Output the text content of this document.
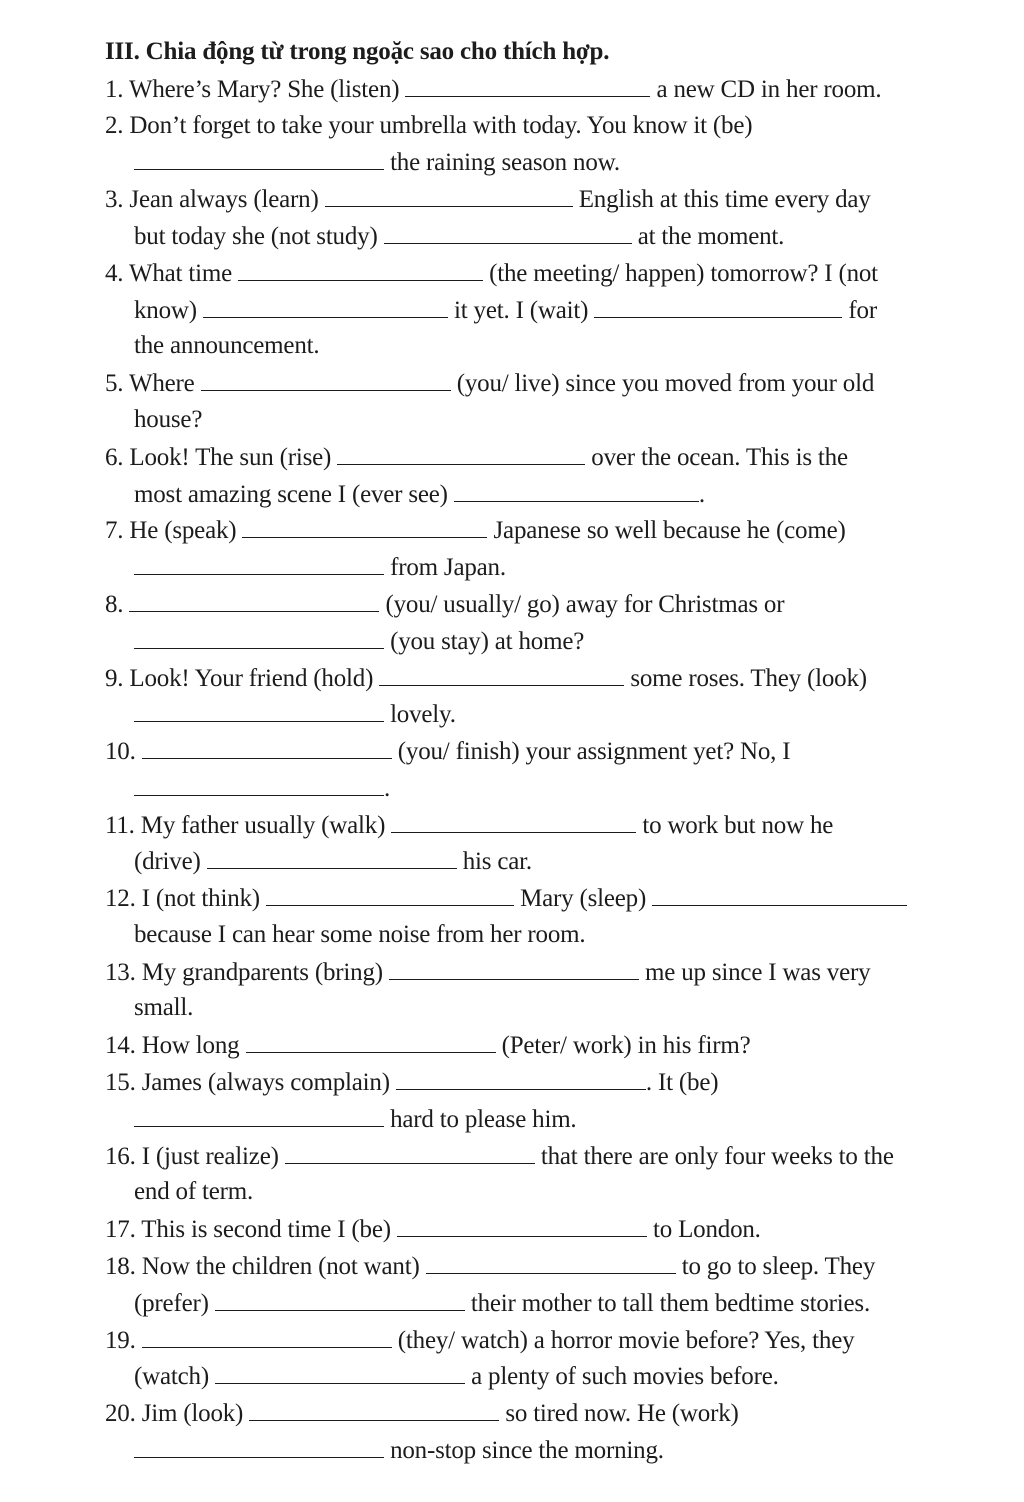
III. Chia động từ trong ngoặc sao cho thích hợp.
1. Where’s Mary? She (listen)	a new CD in her room.
2. Don’t forget to take your umbrella with today. You know it (be)
the raining season now.
3. Jean always (learn)	English at this time every day
but today she (not study)	at the moment.
4. What time	(the meeting/ happen) tomorrow? I (not
know)	it yet. I (wait)	for
the announcement.
5. Where	(you/ live) since you moved from your old
house?
6. Look! The sun (rise)	over the ocean. This is the
most amazing scene I (ever see)	.
7. He (speak)	Japanese so well because he (come)
from Japan.
8.	(you/ usually/ go) away for Christmas or
(you stay) at home?
9. Look! Your friend (hold)	some roses. They (look)
lovely.
10.	(you/ finish) your assignment yet? No, I
.
11. My father usually (walk)	to work but now he
(drive)	his car.
12. I (not think)	Mary (sleep)
because I can hear some noise from her room.
13. My grandparents (bring)	me up since I was very
small.
14. How long	(Peter/ work) in his firm?
15. James (always complain)	. It (be)
hard to please him.
16. I (just realize)	that there are only four weeks to the
end of term.
17. This is second time I (be)	to London.
18. Now the children (not want)	to go to sleep. They
(prefer)	their mother to tall them bedtime stories.
19.	(they/ watch) a horror movie before? Yes, they
(watch)	a plenty of such movies before.
20. Jim (look)	so tired now. He (work)
non-stop since the morning.
